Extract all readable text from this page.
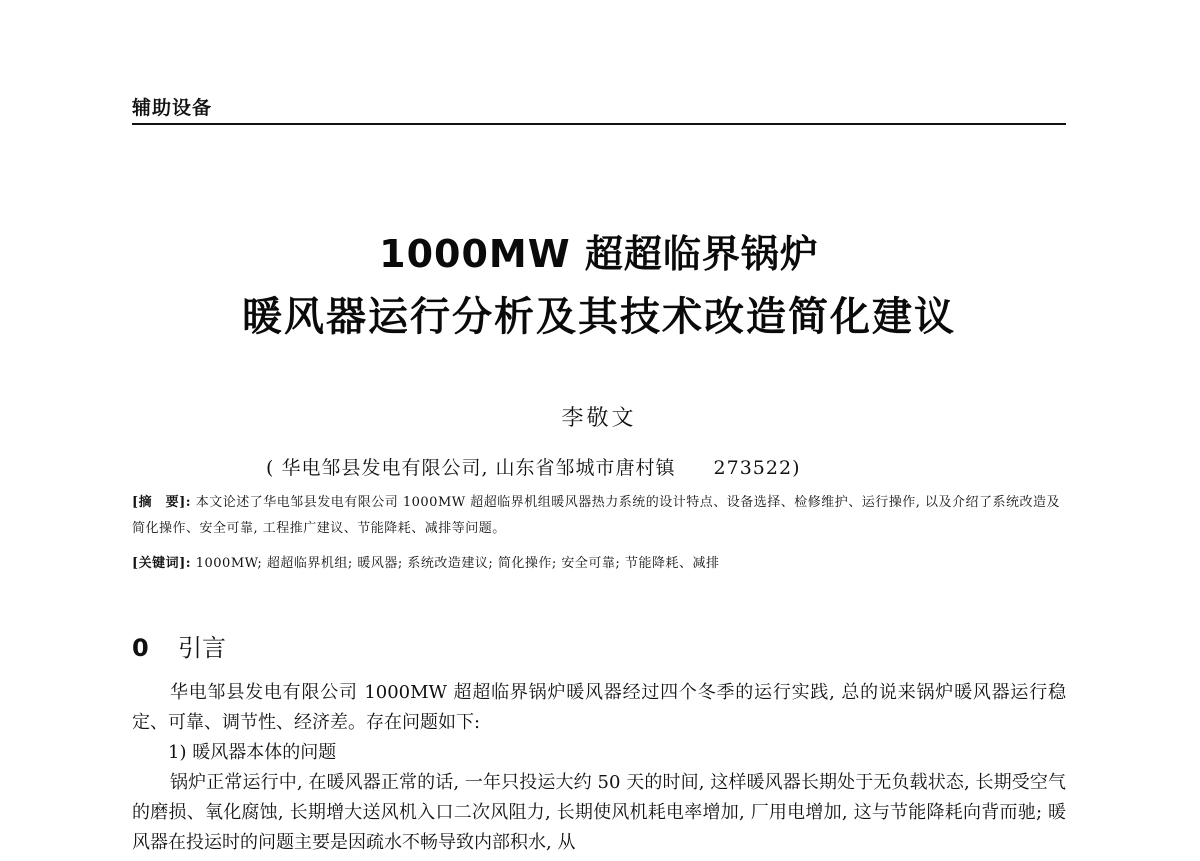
辅助设备
1000MW 超超临界锅炉
暖风器运行分析及其技术改造简化建议
李敬文
( 华电邹县发电有限公司, 山东省邹城市唐村镇 273522)
[摘　要]: 本文论述了华电邹县发电有限公司 1000MW 超超临界机组暖风器热力系统的设计特点、设备选择、检修维护、运行操作, 以及介绍了系统改造及简化操作、安全可靠, 工程推广建议、节能降耗、减排等问题。
[关键词]: 1000MW; 超超临界机组; 暖风器; 系统改造建议; 简化操作; 安全可靠; 节能降耗、减排
0 引言

华电邹县发电有限公司 1000MW 超超临界锅炉暖风器经过四个冬季的运行实践, 总的说来锅炉暖风器运行稳定、可靠、调节性、经济差。存在问题如下:

1) 暖风器本体的问题

锅炉正常运行中, 在暖风器正常的话, 一年只投运大约 50 天的时间, 这样暖风器长期处于无负载状态, 长期受空气的磨损、氧化腐蚀, 长期增大送风机入口二次风阻力, 长期使风机耗电率增加, 厂用电增加, 这与节能降耗向背而驰; 暖风器在投运时的问题主要是因疏水不畅导致内部积水, 从
